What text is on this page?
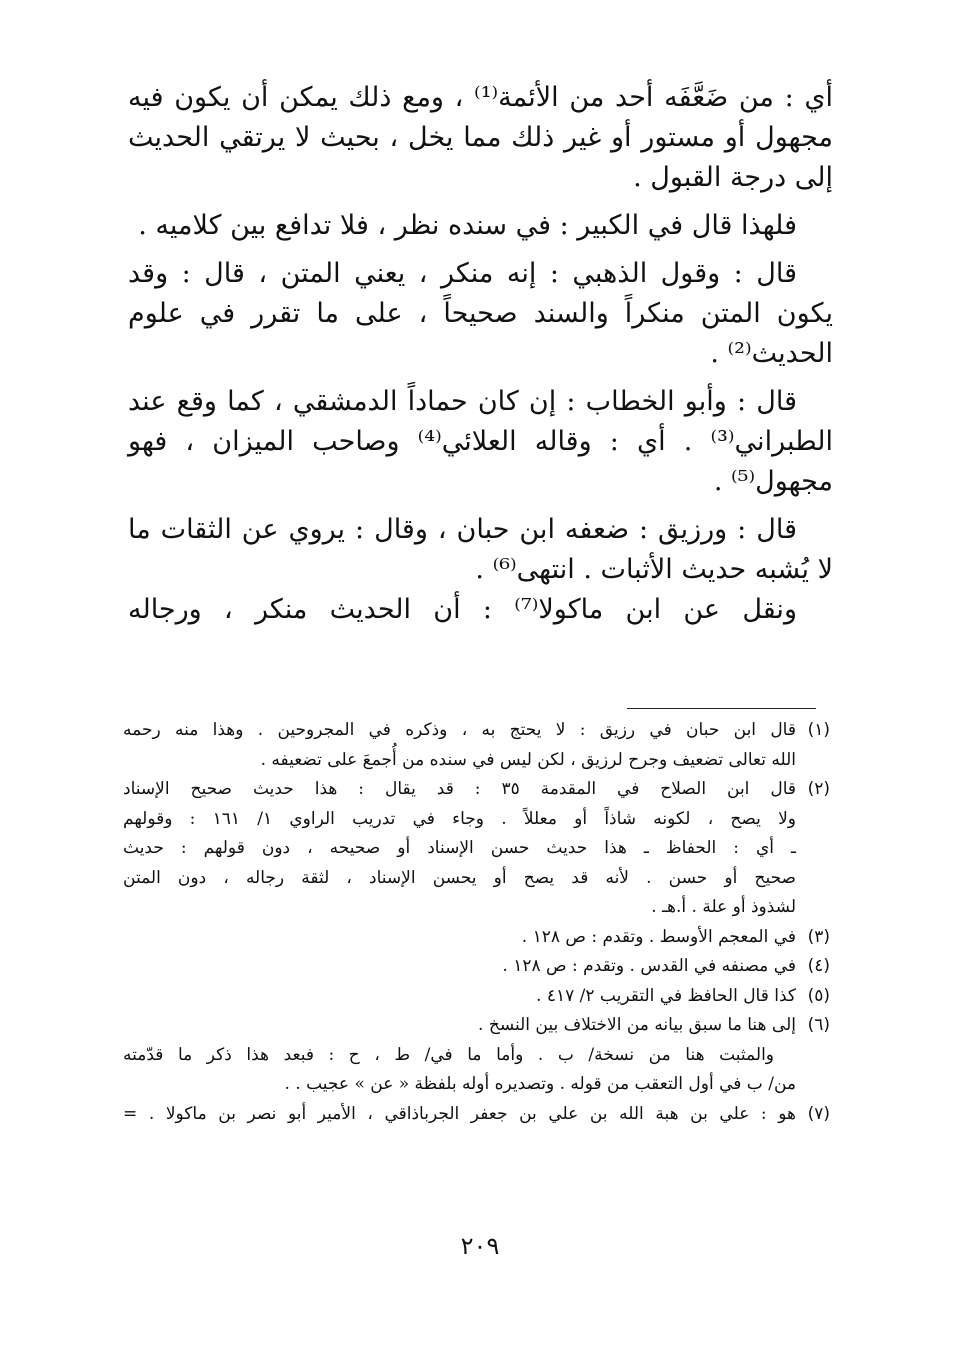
أي : من ضَعَّفَه أحد من الأئمة⁽¹⁾ ، ومع ذلك يمكن أن يكون فيه
مجهول أو مستور أو غير ذلك مما يخل ، بحيث لا يرتقي الحديث
إلى درجة القبول .
فلهذا قال في الكبير : في سنده نظر ، فلا تدافع بين كلاميه .
قال : وقول الذهبي : إنه منكر ، يعني المتن ، قال : وقد
يكون المتن منكراً والسند صحيحاً ، على ما تقرر في علوم
الحديث⁽²⁾ .
قال : وأبو الخطاب : إن كان حماداً الدمشقي ، كما وقع عند
الطبراني⁽³⁾ . أي : وقاله العلائي⁽⁴⁾ وصاحب الميزان ، فهو
مجهول⁽⁵⁾ .
قال : ورزيق : ضعفه ابن حبان ، وقال : يروي عن الثقات ما
لا يُشبه حديث الأثبات . انتهى⁽⁶⁾ .
ونقل عن ابن ماكولا⁽⁷⁾ : أن الحديث منكر ، ورجاله
(١)
قال ابن حبان في رزيق : لا يحتج به ، وذكره في المجروحين . وهذا منه رحمه
الله تعالى تضعيف وجرح لرزيق ، لكن ليس في سنده من أُجمعَ على تضعيفه .
(٢)
قال ابن الصلاح في المقدمة ٣٥ : قد يقال : هذا حديث صحيح الإسناد
ولا يصح ، لكونه شاذاً أو معللاً . وجاء في تدريب الراوي ١/ ١٦١ : وقولهم
ـ أي : الحفاظ ـ هذا حديث حسن الإسناد أو صحيحه ، دون قولهم : حديث
صحيح أو حسن . لأنه قد يصح أو يحسن الإسناد ، لثقة رجاله ، دون المتن
لشذوذ أو علة . أ.هـ .
(٣)
في المعجم الأوسط . وتقدم : ص ١٢٨ .
(٤)
في مصنفه في القدس . وتقدم : ص ١٢٨ .
(٥)
كذا قال الحافظ في التقريب ٢/ ٤١٧ .
(٦)
إلى هنا ما سبق بيانه من الاختلاف بين النسخ .
والمثبت هنا من نسخة/ ب . وأما ما في/ ط ، ح : فبعد هذا ذكر ما قدّمته
من/ ب في أول التعقب من قوله . وتصديره أوله بلفظة « عن » عجيب . .
(٧)
هو : علي بن هبة الله بن علي بن جعفر الجرباذاقي ، الأمير أبو نصر بن ماكولا . =
٢٠٩
